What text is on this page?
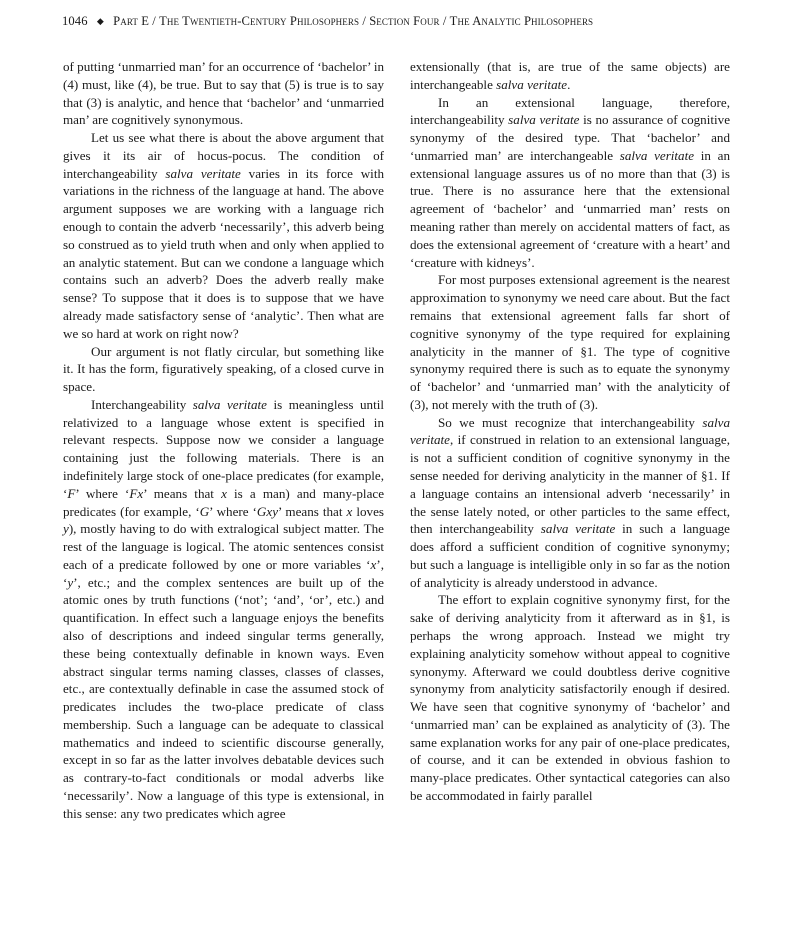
1046 ◆ Part E / The Twentieth-Century Philosophers / Section Four / The Analytic Philosophers

of putting ‘unmarried man’ for an occurrence of ‘bachelor’ in (4) must, like (4), be true. But to say that (5) is true is to say that (3) is analytic, and hence that ‘bachelor’ and ‘unmarried man’ are cognitively synonymous.

Let us see what there is about the above argument that gives it its air of hocus-pocus. The condition of interchangeability salva veritate varies in its force with variations in the richness of the language at hand. The above argument supposes we are working with a language rich enough to contain the adverb ‘necessarily’, this adverb being so construed as to yield truth when and only when applied to an analytic statement. But can we condone a language which contains such an adverb? Does the adverb really make sense? To suppose that it does is to suppose that we have already made satisfactory sense of ‘analytic’. Then what are we so hard at work on right now?

Our argument is not flatly circular, but something like it. It has the form, figuratively speaking, of a closed curve in space.

Interchangeability salva veritate is meaningless until relativized to a language whose extent is specified in relevant respects. Suppose now we consider a language containing just the following materials. There is an indefinitely large stock of one-place predicates (for example, ‘F’ where ‘Fx’ means that x is a man) and many-place predicates (for example, ‘G’ where ‘Gxy’ means that x loves y), mostly having to do with extralogical subject matter. The rest of the language is logical. The atomic sentences consist each of a predicate followed by one or more variables ‘x’, ‘y’, etc.; and the complex sentences are built up of the atomic ones by truth functions (‘not’; ‘and’, ‘or’, etc.) and quantification. In effect such a language enjoys the benefits also of descriptions and indeed singular terms generally, these being contextually definable in known ways. Even abstract singular terms naming classes, classes of classes, etc., are contextually definable in case the assumed stock of predicates includes the two-place predicate of class membership. Such a language can be adequate to classical mathematics and indeed to scientific discourse generally, except in so far as the latter involves debatable devices such as contrary-to-fact conditionals or modal adverbs like ‘necessarily’. Now a language of this type is extensional, in this sense: any two predicates which agree

extensionally (that is, are true of the same objects) are interchangeable salva veritate.

In an extensional language, therefore, interchangeability salva veritate is no assurance of cognitive synonymy of the desired type. That ‘bachelor’ and ‘unmarried man’ are interchangeable salva veritate in an extensional language assures us of no more than that (3) is true. There is no assurance here that the extensional agreement of ‘bachelor’ and ‘unmarried man’ rests on meaning rather than merely on accidental matters of fact, as does the extensional agreement of ‘creature with a heart’ and ‘creature with kidneys’.

For most purposes extensional agreement is the nearest approximation to synonymy we need care about. But the fact remains that extensional agreement falls far short of cognitive synonymy of the type required for explaining analyticity in the manner of §1. The type of cognitive synonymy required there is such as to equate the synonymy of ‘bachelor’ and ‘unmarried man’ with the analyticity of (3), not merely with the truth of (3).

So we must recognize that interchangeability salva veritate, if construed in relation to an extensional language, is not a sufficient condition of cognitive synonymy in the sense needed for deriving analyticity in the manner of §1. If a language contains an intensional adverb ‘necessarily’ in the sense lately noted, or other particles to the same effect, then interchangeability salva veritate in such a language does afford a sufficient condition of cognitive synonymy; but such a language is intelligible only in so far as the notion of analyticity is already understood in advance.

The effort to explain cognitive synonymy first, for the sake of deriving analyticity from it afterward as in §1, is perhaps the wrong approach. Instead we might try explaining analyticity somehow without appeal to cognitive synonymy. Afterward we could doubtless derive cognitive synonymy from analyticity satisfactorily enough if desired. We have seen that cognitive synonymy of ‘bachelor’ and ‘unmarried man’ can be explained as analyticity of (3). The same explanation works for any pair of one-place predicates, of course, and it can be extended in obvious fashion to many-place predicates. Other syntactical categories can also be accommodated in fairly parallel
